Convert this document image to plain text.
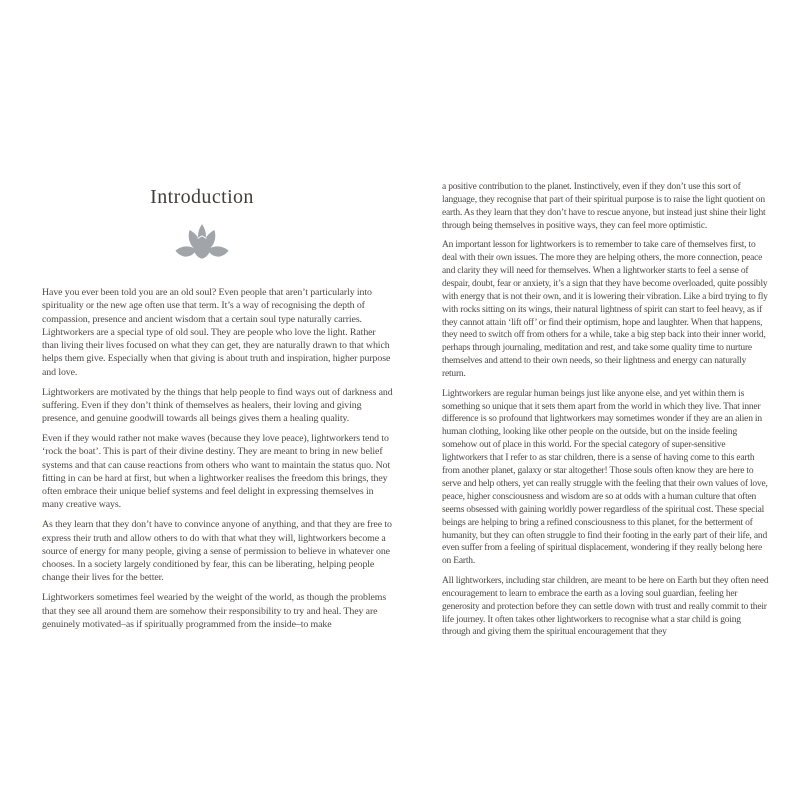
Introduction

Have you ever been told you are an old soul? Even people that aren’t particularly into spirituality or the new age often use that term. It’s a way of recognising the depth of compassion, presence and ancient wisdom that a certain soul type naturally carries. Lightworkers are a special type of old soul. They are people who love the light. Rather than living their lives focused on what they can get, they are naturally drawn to that which helps them give. Especially when that giving is about truth and inspiration, higher purpose and love.

Lightworkers are motivated by the things that help people to find ways out of darkness and suffering. Even if they don’t think of themselves as healers, their loving and giving presence, and genuine goodwill towards all beings gives them a healing quality.

Even if they would rather not make waves (because they love peace), lightworkers tend to ‘rock the boat’. This is part of their divine destiny. They are meant to bring in new belief systems and that can cause reactions from others who want to maintain the status quo. Not fitting in can be hard at first, but when a lightworker realises the freedom this brings, they often embrace their unique belief systems and feel delight in expressing themselves in many creative ways.

As they learn that they don’t have to convince anyone of anything, and that they are free to express their truth and allow others to do with that what they will, lightworkers become a source of energy for many people, giving a sense of permission to believe in whatever one chooses. In a society largely conditioned by fear, this can be liberating, helping people change their lives for the better.

Lightworkers sometimes feel wearied by the weight of the world, as though the problems that they see all around them are somehow their responsibility to try and heal. They are genuinely motivated–as if spiritually programmed from the inside–to make

a positive contribution to the planet. Instinctively, even if they don’t use this sort of language, they recognise that part of their spiritual purpose is to raise the light quotient on earth. As they learn that they don’t have to rescue anyone, but instead just shine their light through being themselves in positive ways, they can feel more optimistic.

An important lesson for lightworkers is to remember to take care of themselves first, to deal with their own issues. The more they are helping others, the more connection, peace and clarity they will need for themselves. When a lightworker starts to feel a sense of despair, doubt, fear or anxiety, it’s a sign that they have become overloaded, quite possibly with energy that is not their own, and it is lowering their vibration. Like a bird trying to fly with rocks sitting on its wings, their natural lightness of spirit can start to feel heavy, as if they cannot attain ‘lift off’ or find their optimism, hope and laughter. When that happens, they need to switch off from others for a while, take a big step back into their inner world, perhaps through journaling, meditation and rest, and take some quality time to nurture themselves and attend to their own needs, so their lightness and energy can naturally return.

Lightworkers are regular human beings just like anyone else, and yet within them is something so unique that it sets them apart from the world in which they live. That inner difference is so profound that lightworkers may sometimes wonder if they are an alien in human clothing, looking like other people on the outside, but on the inside feeling somehow out of place in this world. For the special category of super-sensitive lightworkers that I refer to as star children, there is a sense of having come to this earth from another planet, galaxy or star altogether! Those souls often know they are here to serve and help others, yet can really struggle with the feeling that their own values of love, peace, higher consciousness and wisdom are so at odds with a human culture that often seems obsessed with gaining worldly power regardless of the spiritual cost. These special beings are helping to bring a refined consciousness to this planet, for the betterment of humanity, but they can often struggle to find their footing in the early part of their life, and even suffer from a feeling of spiritual displacement, wondering if they really belong here on Earth.

All lightworkers, including star children, are meant to be here on Earth but they often need encouragement to learn to embrace the earth as a loving soul guardian, feeling her generosity and protection before they can settle down with trust and really commit to their life journey. It often takes other lightworkers to recognise what a star child is going through and giving them the spiritual encouragement that they
